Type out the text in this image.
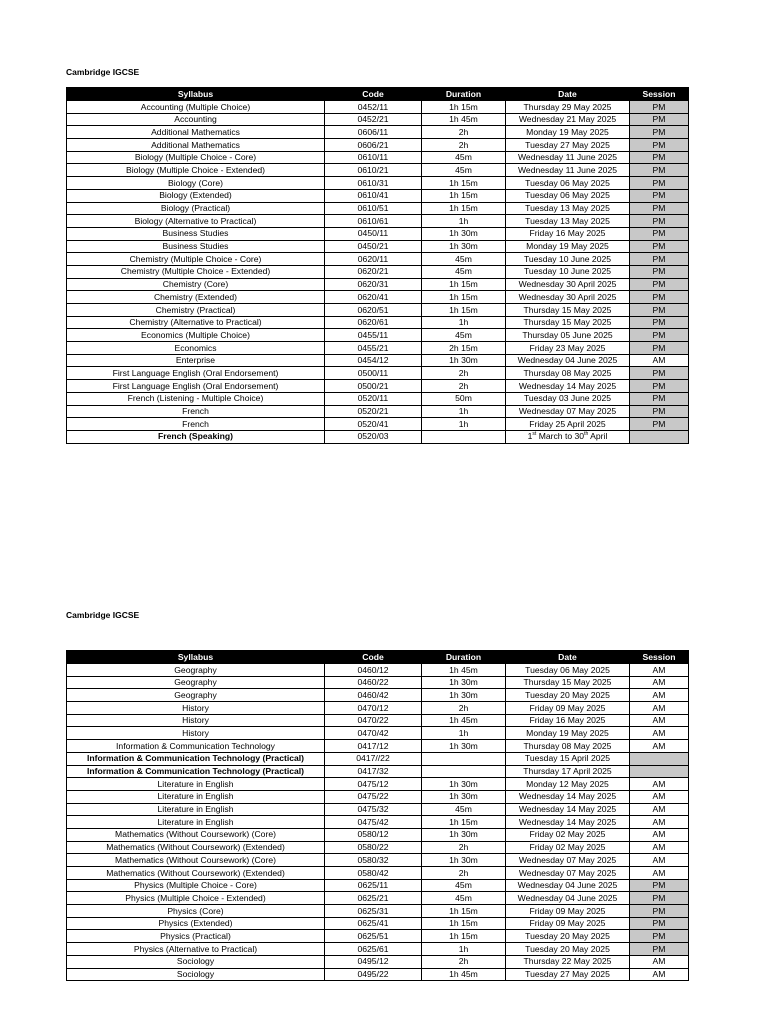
Cambridge IGCSE
Syllabus	Code	Duration	Date	Session
Accounting (Multiple Choice)	0452/11	1h 15m	Thursday 29 May 2025	PM
Accounting	0452/21	1h 45m	Wednesday 21 May 2025	PM
Additional Mathematics	0606/11	2h	Monday 19 May 2025	PM
Additional Mathematics	0606/21	2h	Tuesday 27 May 2025	PM
Biology (Multiple Choice - Core)	0610/11	45m	Wednesday 11 June 2025	PM
Biology (Multiple Choice - Extended)	0610/21	45m	Wednesday 11 June 2025	PM
Biology (Core)	0610/31	1h 15m	Tuesday 06 May 2025	PM
Biology (Extended)	0610/41	1h 15m	Tuesday 06 May 2025	PM
Biology (Practical)	0610/51	1h 15m	Tuesday 13 May 2025	PM
Biology (Alternative to Practical)	0610/61	1h	Tuesday 13 May 2025	PM
Business Studies	0450/11	1h 30m	Friday 16 May 2025	PM
Business Studies	0450/21	1h 30m	Monday 19 May 2025	PM
Chemistry (Multiple Choice - Core)	0620/11	45m	Tuesday 10 June 2025	PM
Chemistry (Multiple Choice - Extended)	0620/21	45m	Tuesday 10 June 2025	PM
Chemistry (Core)	0620/31	1h 15m	Wednesday 30 April 2025	PM
Chemistry (Extended)	0620/41	1h 15m	Wednesday 30 April 2025	PM
Chemistry (Practical)	0620/51	1h 15m	Thursday 15 May 2025	PM
Chemistry (Alternative to Practical)	0620/61	1h	Thursday 15 May 2025	PM
Economics (Multiple Choice)	0455/11	45m	Thursday 05 June 2025	PM
Economics	0455/21	2h 15m	Friday 23 May 2025	PM
Enterprise	0454/12	1h 30m	Wednesday 04 June 2025	AM
First Language English (Oral Endorsement)	0500/11	2h	Thursday 08 May 2025	PM
First Language English (Oral Endorsement)	0500/21	2h	Wednesday 14 May 2025	PM
French (Listening - Multiple Choice)	0520/11	50m	Tuesday 03 June 2025	PM
French	0520/21	1h	Wednesday 07 May 2025	PM
French	0520/41	1h	Friday 25 April 2025	PM
French (Speaking)	0520/03		1st March to 30th April	
Cambridge IGCSE
Syllabus	Code	Duration	Date	Session
Geography	0460/12	1h 45m	Tuesday 06 May 2025	AM
Geography	0460/22	1h 30m	Thursday 15 May 2025	AM
Geography	0460/42	1h 30m	Tuesday 20 May 2025	AM
History	0470/12	2h	Friday 09 May 2025	AM
History	0470/22	1h 45m	Friday 16 May 2025	AM
History	0470/42	1h	Monday 19 May 2025	AM
Information & Communication Technology	0417/12	1h 30m	Thursday 08 May 2025	AM
Information & Communication Technology (Practical)	0417//22		Tuesday 15 April 2025	
Information & Communication Technology (Practical)	0417/32		Thursday 17 April 2025	
Literature in English	0475/12	1h 30m	Monday 12 May 2025	AM
Literature in English	0475/22	1h 30m	Wednesday 14 May 2025	AM
Literature in English	0475/32	45m	Wednesday 14 May 2025	AM
Literature in English	0475/42	1h 15m	Wednesday 14 May 2025	AM
Mathematics (Without Coursework) (Core)	0580/12	1h 30m	Friday 02 May 2025	AM
Mathematics (Without Coursework) (Extended)	0580/22	2h	Friday 02 May 2025	AM
Mathematics (Without Coursework) (Core)	0580/32	1h 30m	Wednesday 07 May 2025	AM
Mathematics (Without Coursework) (Extended)	0580/42	2h	Wednesday 07 May 2025	AM
Physics (Multiple Choice - Core)	0625/11	45m	Wednesday 04 June 2025	PM
Physics (Multiple Choice - Extended)	0625/21	45m	Wednesday 04 June 2025	PM
Physics (Core)	0625/31	1h 15m	Friday 09 May 2025	PM
Physics (Extended)	0625/41	1h 15m	Friday 09 May 2025	PM
Physics (Practical)	0625/51	1h 15m	Tuesday 20 May 2025	PM
Physics (Alternative to Practical)	0625/61	1h	Tuesday 20 May 2025	PM
Sociology	0495/12	2h	Thursday 22 May 2025	AM
Sociology	0495/22	1h 45m	Tuesday 27 May 2025	AM
